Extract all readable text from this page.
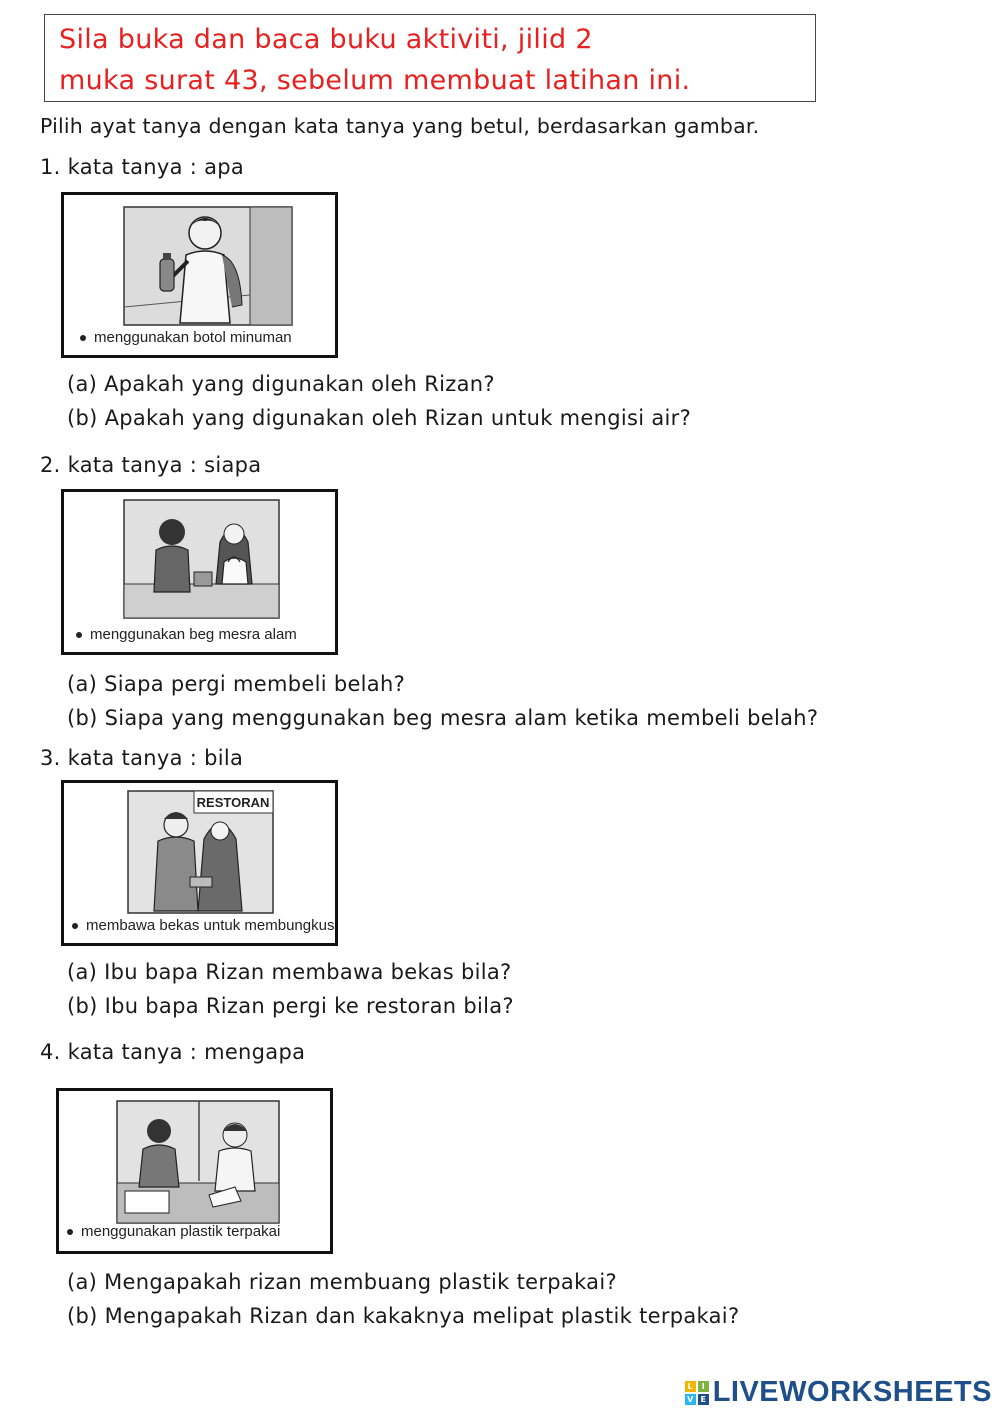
Sila buka dan baca buku aktiviti, jilid 2
muka surat 43, sebelum membuat latihan ini.
Pilih ayat tanya dengan kata tanya yang betul, berdasarkan gambar.
1. kata tanya : apa
menggunakan botol minuman
(a) Apakah yang digunakan oleh Rizan?
(b) Apakah yang digunakan oleh Rizan untuk mengisi air?
2. kata tanya : siapa
menggunakan beg mesra alam
(a) Siapa pergi membeli belah?
(b) Siapa yang menggunakan beg mesra alam ketika membeli belah?
3. kata tanya : bila
RESTORAN
membawa bekas untuk membungkus
(a) Ibu bapa Rizan membawa bekas bila?
(b) Ibu bapa Rizan pergi ke restoran bila?
4. kata tanya : mengapa
menggunakan plastik terpakai
(a) Mengapakah rizan membuang plastik terpakai?
(b) Mengapakah Rizan dan kakaknya melipat plastik terpakai?
L	I
V E LIVEWORKSHEETS
